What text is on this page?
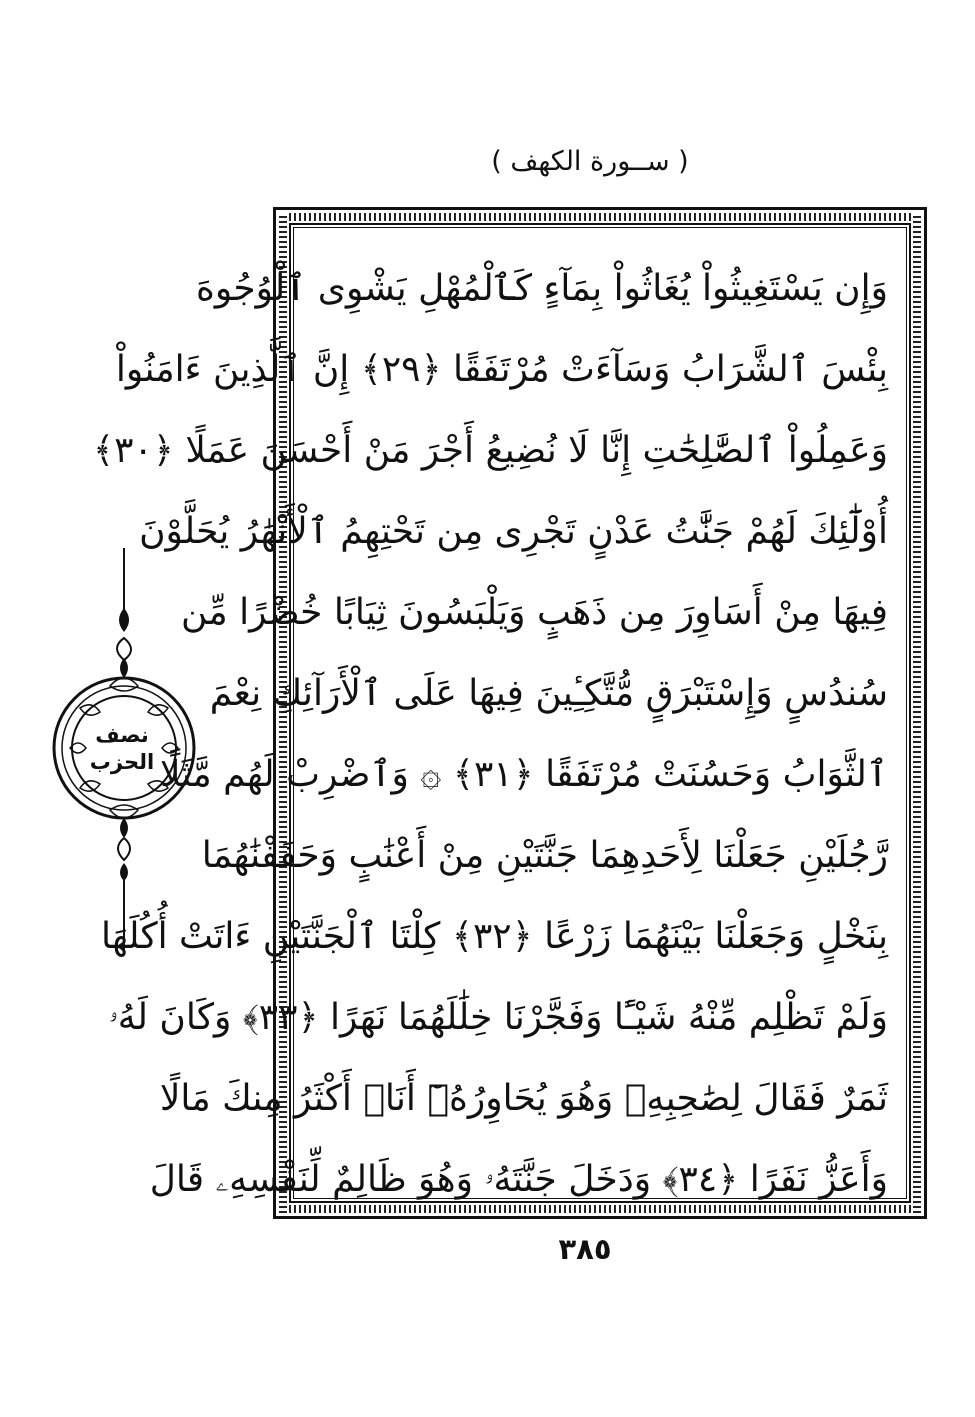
( ســورة الكهف )
وَإِن يَسْتَغِيثُواْ يُغَاثُواْ بِمَآءٍ كَٱلْمُهْلِ يَشْوِى ٱلْوُجُوهَ
بِئْسَ ٱلشَّرَابُ وَسَآءَتْ مُرْتَفَقًا ﴿٢٩﴾ إِنَّ ٱلَّذِينَ ءَامَنُواْ
وَعَمِلُواْ ٱلصَّٰلِحَٰتِ إِنَّا لَا نُضِيعُ أَجْرَ مَنْ أَحْسَنَ عَمَلًا ﴿٣٠﴾
أُوْلَٰٓئِكَ لَهُمْ جَنَّٰتُ عَدْنٍ تَجْرِى مِن تَحْتِهِمُ ٱلْأَنْهَٰرُ يُحَلَّوْنَ
فِيهَا مِنْ أَسَاوِرَ مِن ذَهَبٍ وَيَلْبَسُونَ ثِيَابًا خُضْرًا مِّن
سُندُسٍ وَإِسْتَبْرَقٍ مُّتَّكِـِٔينَ فِيهَا عَلَى ٱلْأَرَآئِكِ نِعْمَ
ٱلثَّوَابُ وَحَسُنَتْ مُرْتَفَقًا ﴿٣١﴾ ۞ وَٱضْرِبْ لَهُم مَّثَلًا
رَّجُلَيْنِ جَعَلْنَا لِأَحَدِهِمَا جَنَّتَيْنِ مِنْ أَعْنَٰبٍ وَحَفَفْنَٰهُمَا
بِنَخْلٍ وَجَعَلْنَا بَيْنَهُمَا زَرْعًا ﴿٣٢﴾ كِلْتَا ٱلْجَنَّتَيْنِ ءَاتَتْ أُكُلَهَا
وَلَمْ تَظْلِم مِّنْهُ شَيْـًٔا وَفَجَّرْنَا خِلَٰلَهُمَا نَهَرًا ﴿٣٣﴾ وَكَانَ لَهُۥ
ثَمَرٌ فَقَالَ لِصَٰحِبِهِۦ وَهُوَ يُحَاوِرُهُۥٓ أَنَا۠ أَكْثَرُ مِنكَ مَالًا
وَأَعَزُّ نَفَرًا ﴿٣٤﴾ وَدَخَلَ جَنَّتَهُۥ وَهُوَ ظَالِمٌ لِّنَفْسِهِۦ قَالَ
نصف
الحزب
٣٨٥
